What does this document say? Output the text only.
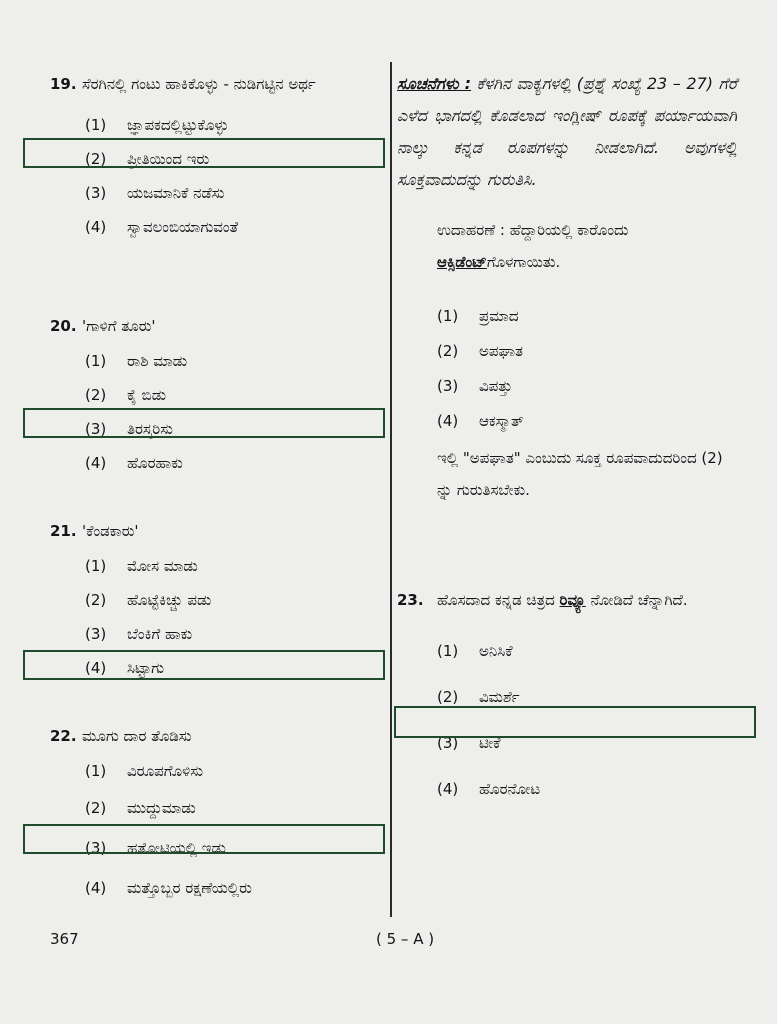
19. ಸೆರಗಿನಲ್ಲಿ ಗಂಟು ಹಾಕಿಕೊಳ್ಳು - ನುಡಿಗಟ್ಟಿನ ಅರ್ಥ
(1)	ಜ್ಞಾಪಕದಲ್ಲಿಟ್ಟುಕೊಳ್ಳು
(2)	ಪ್ರೀತಿಯಿಂದ ಇರು
(3)	ಯಜಮಾನಿಕೆ ನಡೆಸು
(4)	ಸ್ವಾವಲಂಬಿಯಾಗುವಂತೆ
20. 'ಗಾಳಿಗೆ ತೂರು'
(1)	ರಾಶಿ ಮಾಡು
(2)	ಕೈ ಬಿಡು
(3)	ತಿರಸ್ಕರಿಸು
(4)	ಹೊರಹಾಕು
21. 'ಕೆಂಡಕಾರು'
(1)	ಮೋಸ ಮಾಡು
(2)	ಹೊಟ್ಟೆಕಿಚ್ಚು ಪಡು
(3)	ಬೆಂಕಿಗೆ ಹಾಕು
(4)	ಸಿಟ್ಟಾಗು
22. ಮೂಗು ದಾರ ತೊಡಿಸು
(1)	ವಿರೂಪಗೊಳಿಸು
(2)	ಮುದ್ದುಮಾಡು
(3)	ಹತೋಟಿಯಲ್ಲಿ ಇಡು
(4)	ಮತ್ತೊಬ್ಬರ ರಕ್ಷಣೆಯಲ್ಲಿರು
ಸೂಚನೆಗಳು : ಕೆಳಗಿನ ವಾಕ್ಯಗಳಲ್ಲಿ (ಪ್ರಶ್ನೆ ಸಂಖ್ಯೆ 23 – 27) ಗೆರೆ ಎಳೆದ ಭಾಗದಲ್ಲಿ ಕೊಡಲಾದ ಇಂಗ್ಲೀಷ್ ರೂಪಕ್ಕೆ ಪರ್ಯಾಯವಾಗಿ ನಾಲ್ಕು ಕನ್ನಡ ರೂಪಗಳನ್ನು ನೀಡಲಾಗಿದೆ. ಅವುಗಳಲ್ಲಿ ಸೂಕ್ತವಾದುದನ್ನು ಗುರುತಿಸಿ.
ಉದಾಹರಣೆ : ಹೆದ್ದಾರಿಯಲ್ಲಿ ಕಾರೊಂದು ಆಕ್ಸಿಡೆಂಟ್ಗೊಳಗಾಯಿತು.
(1)	ಪ್ರಮಾದ
(2)	ಅಪಘಾತ
(3)	ವಿಪತ್ತು
(4)	ಆಕಸ್ಮಾತ್
ಇಲ್ಲಿ "ಅಪಘಾತ" ಎಂಬುದು ಸೂಕ್ತ ರೂಪವಾದುದರಿಂದ (2) ನ್ನು ಗುರುತಿಸಬೇಕು.
23. ಹೊಸದಾದ ಕನ್ನಡ ಚಿತ್ರದ ರಿವ್ಯೂ ನೋಡಿದೆ ಚೆನ್ನಾಗಿದೆ.
(1)	ಅನಿಸಿಕೆ
(2)	ವಿಮರ್ಶೆ
(3)	ಟೀಕೆ
(4)	ಹೊರನೋಟ
367	( 5 – A )
